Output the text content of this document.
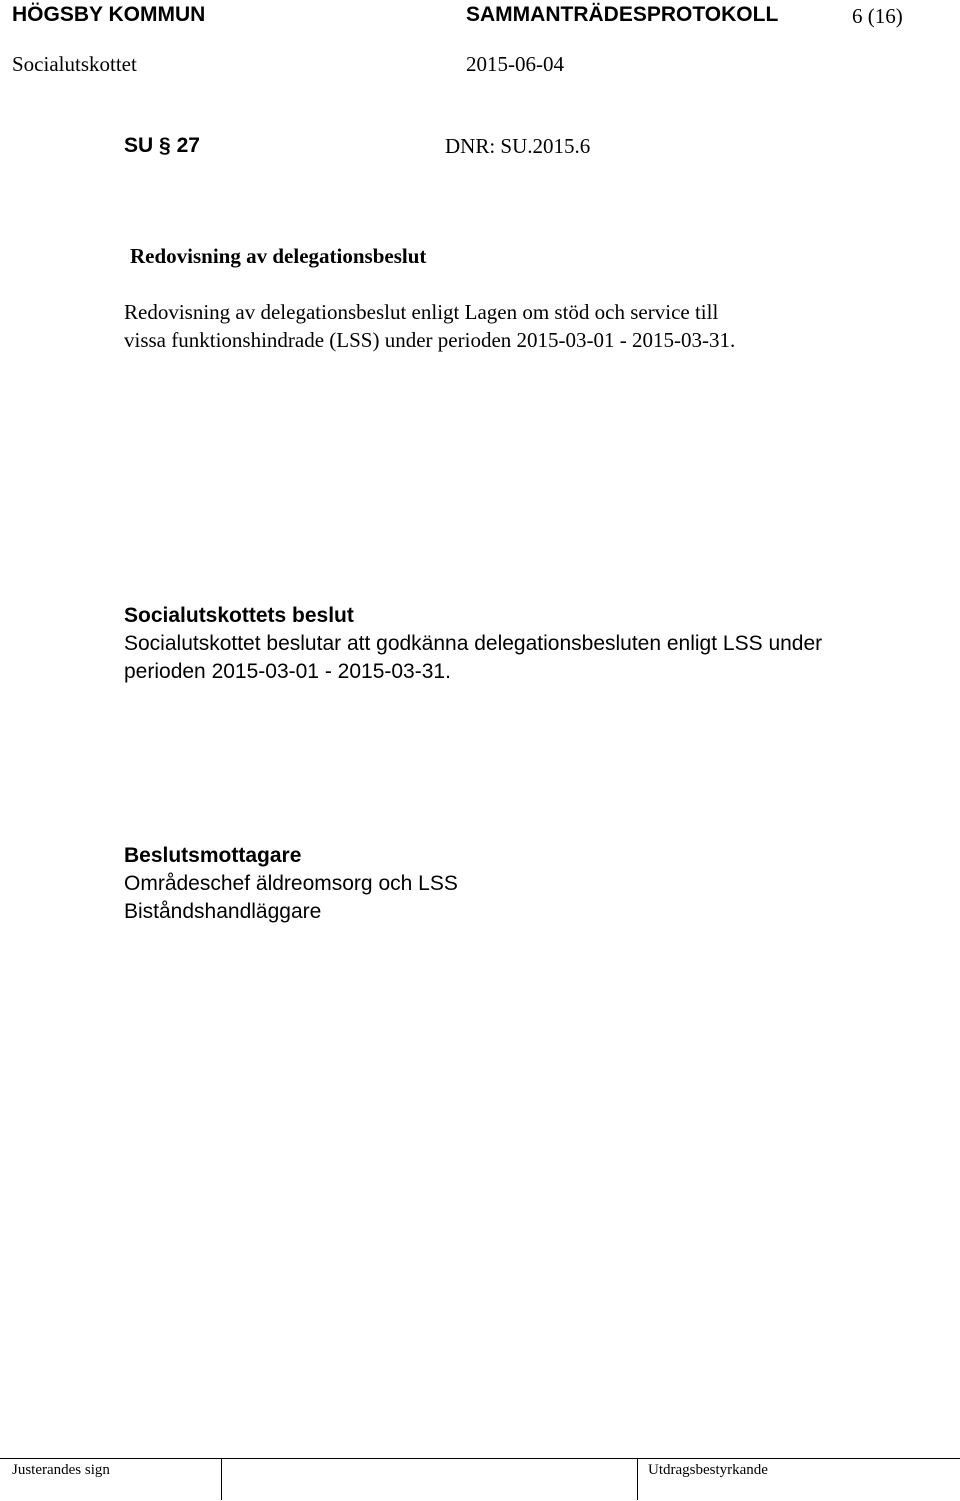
HÖGSBY KOMMUN	SAMMANTRÄDESPROTOKOLL	6 (16)
Socialutskottet	2015-06-04
SU § 27	DNR: SU.2015.6
Redovisning av delegationsbeslut
Redovisning av delegationsbeslut enligt Lagen om stöd och service till
vissa funktionshindrade (LSS) under perioden 2015-03-01 - 2015-03-31.
Socialutskottets beslut
Socialutskottet beslutar att godkänna delegationsbesluten enligt LSS under
perioden 2015-03-01 - 2015-03-31.
Beslutsmottagare
Områdeschef äldreomsorg och LSS
Biståndshandläggare
Justerandes sign	Utdragsbestyrkande
